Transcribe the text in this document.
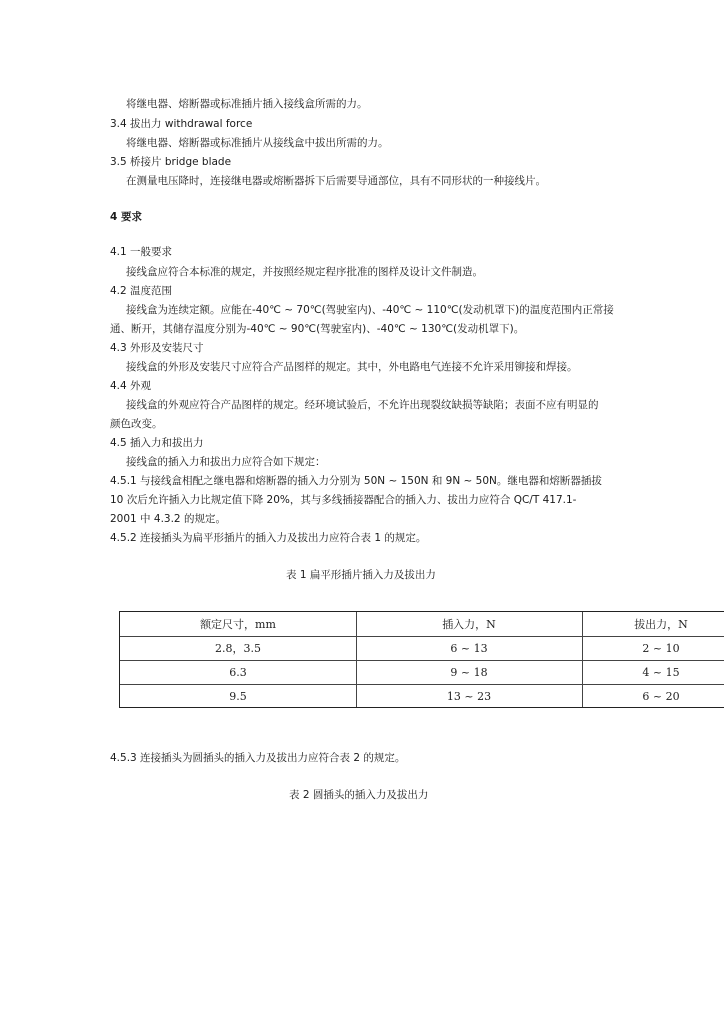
将继电器、熔断器或标准插片插入接线盒所需的力。
3.4 拔出力 withdrawal force
将继电器、熔断器或标准插片从接线盒中拔出所需的力。
3.5 桥接片 bridge blade
在测量电压降时，连接继电器或熔断器拆下后需要导通部位，具有不同形状的一种接线片。
4 要求
4.1 一般要求
接线盒应符合本标准的规定，并按照经规定程序批准的图样及设计文件制造。
4.2 温度范围
接线盒为连续定额。应能在-40℃ ~ 70℃(驾驶室内)、-40℃ ~ 110℃(发动机罩下)的温度范围内正常接
通、断开，其储存温度分别为-40℃ ~ 90℃(驾驶室内)、-40℃ ~ 130℃(发动机罩下)。
4.3 外形及安装尺寸
接线盒的外形及安装尺寸应符合产品图样的规定。其中，外电路电气连接不允许采用铆接和焊接。
4.4 外观
接线盒的外观应符合产品图样的规定。经环境试验后，不允许出现裂纹缺损等缺陷；表面不应有明显的
颜色改变。
4.5 插入力和拔出力
接线盒的插入力和拔出力应符合如下规定：
4.5.1 与接线盒相配之继电器和熔断器的插入力分别为 50N ~ 150N 和 9N ~ 50N。继电器和熔断器插拔
10 次后允许插入力比规定值下降 20%，其与多线插接器配合的插入力、拔出力应符合 QC/T 417.1-
2001 中 4.3.2 的规定。
4.5.2 连接插头为扁平形插片的插入力及拔出力应符合表 1 的规定。
表 1 扁平形插片插入力及拔出力
额定尺寸，mm	插入力，N	拔出力，N
2.8，3.5	6 ~ 13	2 ~ 10
6.3	9 ~ 18	4 ~ 15
9.5	13 ~ 23	6 ~ 20
4.5.3 连接插头为圆插头的插入力及拔出力应符合表 2 的规定。
表 2 圆插头的插入力及拔出力
